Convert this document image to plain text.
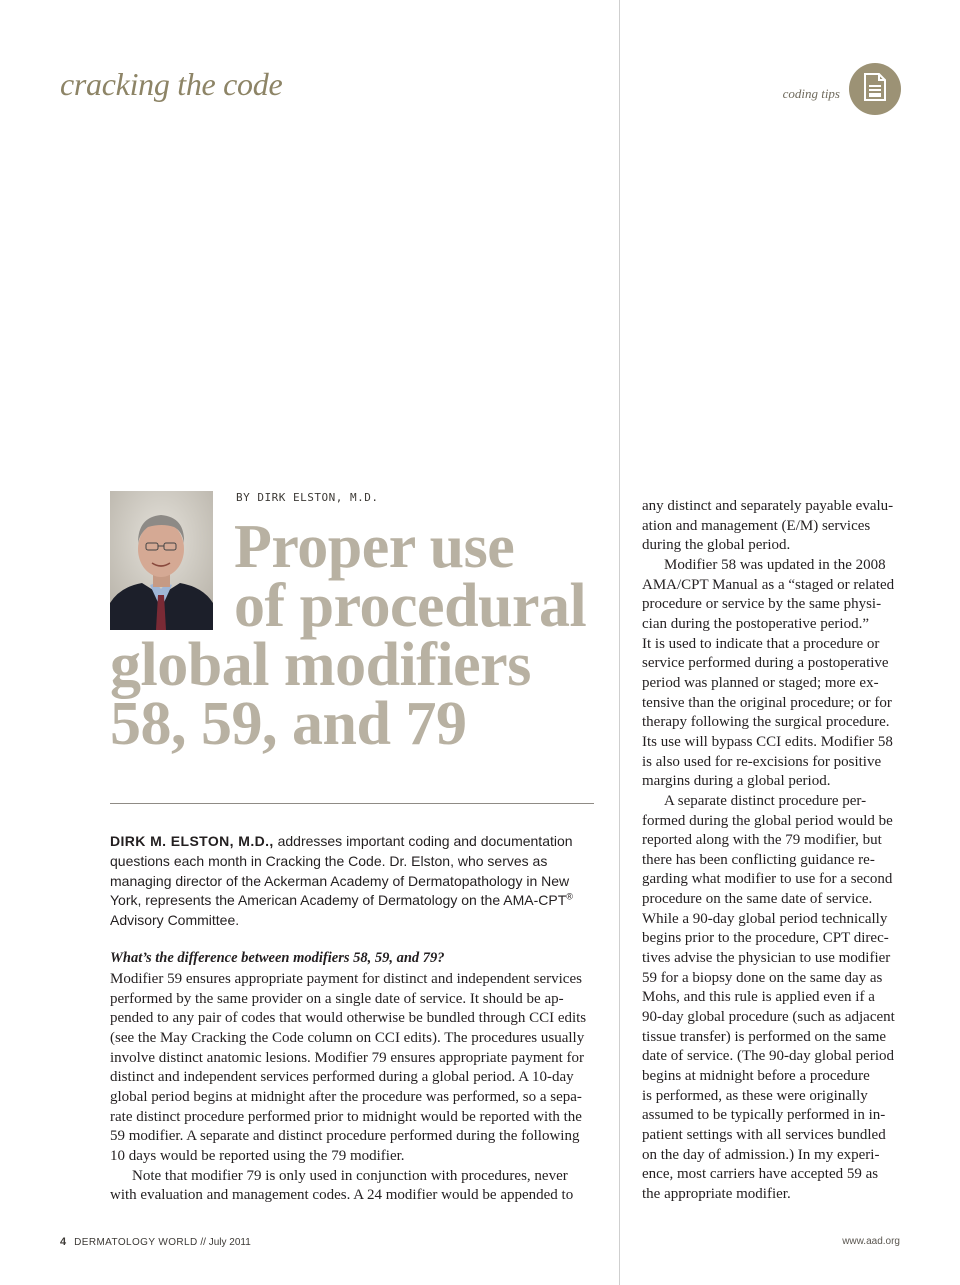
cracking the code	coding tips
BY DIRK ELSTON, M.D.
Proper use
of procedural
global modifiers
58, 59, and 79
DIRK M. ELSTON, M.D., addresses important coding and documentation
questions each month in Cracking the Code. Dr. Elston, who serves as
managing director of the Ackerman Academy of Dermatopathology in New
York, represents the American Academy of Dermatology on the AMA-CPT®
Advisory Committee.
What’s the difference between modifiers 58, 59, and 79?
Modifier 59 ensures appropriate payment for distinct and independent services
performed by the same provider on a single date of service. It should be ap-
pended to any pair of codes that would otherwise be bundled through CCI edits
(see the May Cracking the Code column on CCI edits). The procedures usually
involve distinct anatomic lesions. Modifier 79 ensures appropriate payment for
distinct and independent services performed during a global period. A 10-day
global period begins at midnight after the procedure was performed, so a sepa-
rate distinct procedure performed prior to midnight would be reported with the
59 modifier. A separate and distinct procedure performed during the following
10 days would be reported using the 79 modifier.
Note that modifier 79 is only used in conjunction with procedures, never
with evaluation and management codes. A 24 modifier would be appended to
any distinct and separately payable evalu-
ation and management (E/M) services
during the global period.
Modifier 58 was updated in the 2008
AMA/CPT Manual as a “staged or related
procedure or service by the same physi-
cian during the postoperative period.”
It is used to indicate that a procedure or
service performed during a postoperative
period was planned or staged; more ex-
tensive than the original procedure; or for
therapy following the surgical procedure.
Its use will bypass CCI edits. Modifier 58
is also used for re-excisions for positive
margins during a global period.
A separate distinct procedure per-
formed during the global period would be
reported along with the 79 modifier, but
there has been conflicting guidance re-
garding what modifier to use for a second
procedure on the same date of service.
While a 90-day global period technically
begins prior to the procedure, CPT direc-
tives advise the physician to use modifier
59 for a biopsy done on the same day as
Mohs, and this rule is applied even if a
90-day global procedure (such as adjacent
tissue transfer) is performed on the same
date of service. (The 90-day global period
begins at midnight before a procedure
is performed, as these were originally
assumed to be typically performed in in-
patient settings with all services bundled
on the day of admission.) In my experi-
ence, most carriers have accepted 59 as
the appropriate modifier.
4 DERMATOLOGY WORLD // July 2011	www.aad.org
